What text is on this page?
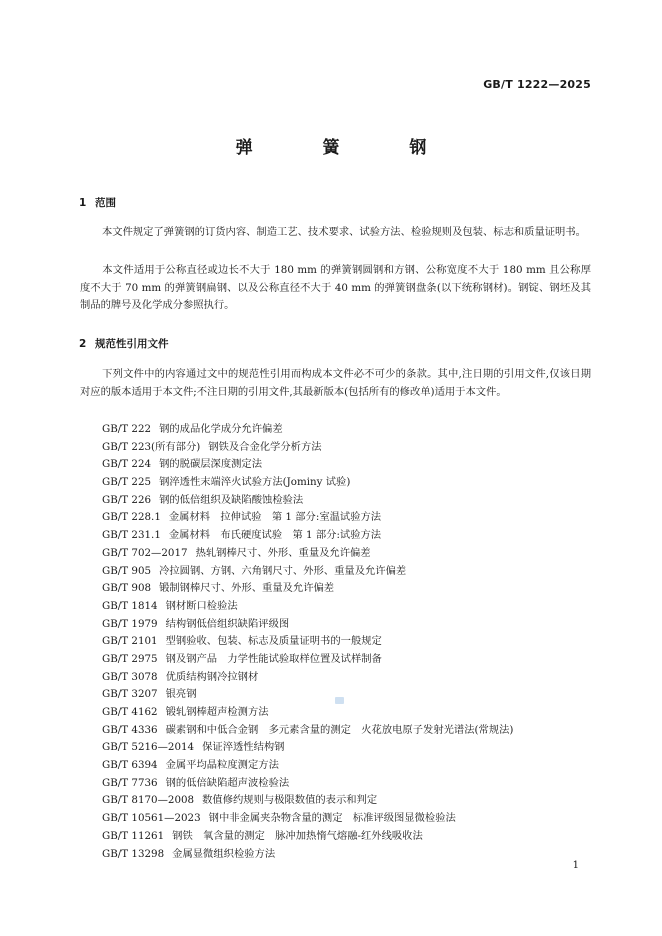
GB/T 1222—2025
弹 簧 钢
1 范围

本文件规定了弹簧钢的订货内容、制造工艺、技术要求、试验方法、检验规则及包装、标志和质量证明书。

本文件适用于公称直径或边长不大于 180 mm 的弹簧钢圆钢和方钢、公称宽度不大于 180 mm 且公称厚度不大于 70 mm 的弹簧钢扁钢、以及公称直径不大于 40 mm 的弹簧钢盘条(以下统称钢材)。钢锭、钢坯及其制品的牌号及化学成分参照执行。

2 规范性引用文件

下列文件中的内容通过文中的规范性引用而构成本文件必不可少的条款。其中,注日期的引用文件,仅该日期对应的版本适用于本文件;不注日期的引用文件,其最新版本(包括所有的修改单)适用于本文件。

GB/T 222 钢的成品化学成分允许偏差
GB/T 223(所有部分) 钢铁及合金化学分析方法
GB/T 224 钢的脱碳层深度测定法
GB/T 225 钢淬透性末端淬火试验方法(Jominy 试验)
GB/T 226 钢的低倍组织及缺陷酸蚀检验法
GB/T 228.1 金属材料　拉伸试验　第 1 部分:室温试验方法
GB/T 231.1 金属材料　布氏硬度试验　第 1 部分:试验方法
GB/T 702—2017 热轧钢棒尺寸、外形、重量及允许偏差
GB/T 905 冷拉圆钢、方钢、六角钢尺寸、外形、重量及允许偏差
GB/T 908 锻制钢棒尺寸、外形、重量及允许偏差
GB/T 1814 钢材断口检验法
GB/T 1979 结构钢低倍组织缺陷评级图
GB/T 2101 型钢验收、包装、标志及质量证明书的一般规定
GB/T 2975 钢及钢产品　力学性能试验取样位置及试样制备
GB/T 3078 优质结构钢冷拉钢材
GB/T 3207 银亮钢
GB/T 4162 锻轧钢棒超声检测方法
GB/T 4336 碳素钢和中低合金钢　多元素含量的测定　火花放电原子发射光谱法(常规法)
GB/T 5216—2014 保证淬透性结构钢
GB/T 6394 金属平均晶粒度测定方法
GB/T 7736 钢的低倍缺陷超声波检验法
GB/T 8170—2008 数值修约规则与极限数值的表示和判定
GB/T 10561—2023 钢中非金属夹杂物含量的测定　标准评级图显微检验法
GB/T 11261 钢铁　氧含量的测定　脉冲加热惰气熔融-红外线吸收法
GB/T 13298 金属显微组织检验方法
1
